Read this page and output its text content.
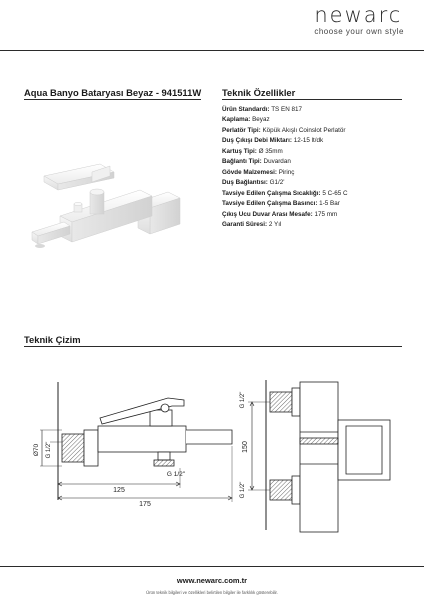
newarc
choose your own style
Aqua Banyo Bataryası Beyaz - 941511W Teknik Özellikler
Ürün Standardı: TS EN 817
Kaplama: Beyaz
Perlatör Tipi: Köpük Akışlı Coinslot Perlatör
Duş Çıkışı Debi Miktarı: 12-15 lt/dk
Kartuş Tipi: Ø 35mm
Bağlantı Tipi: Duvardan
Gövde Malzemesi: Pirinç
Duş Bağlantısı: G1/2'
Tavsiye Edilen Çalışma Sıcaklığı: 5 C-65 C
Tavsiye Edilen Çalışma Basıncı: 1-5 Bar
Çıkış Ucu Duvar Arası Mesafe: 175 mm
Garanti Süresi: 2 Yıl
Teknik Çizim
Ø70 G 1/2"
G 1/2"
125
175
G 1/2"
150
G 1/2"
www.newarc.com.tr
Ürün teknik bilgileri ve özellikleri belirtilen bilgiler ile farklılık gösterebilir.
